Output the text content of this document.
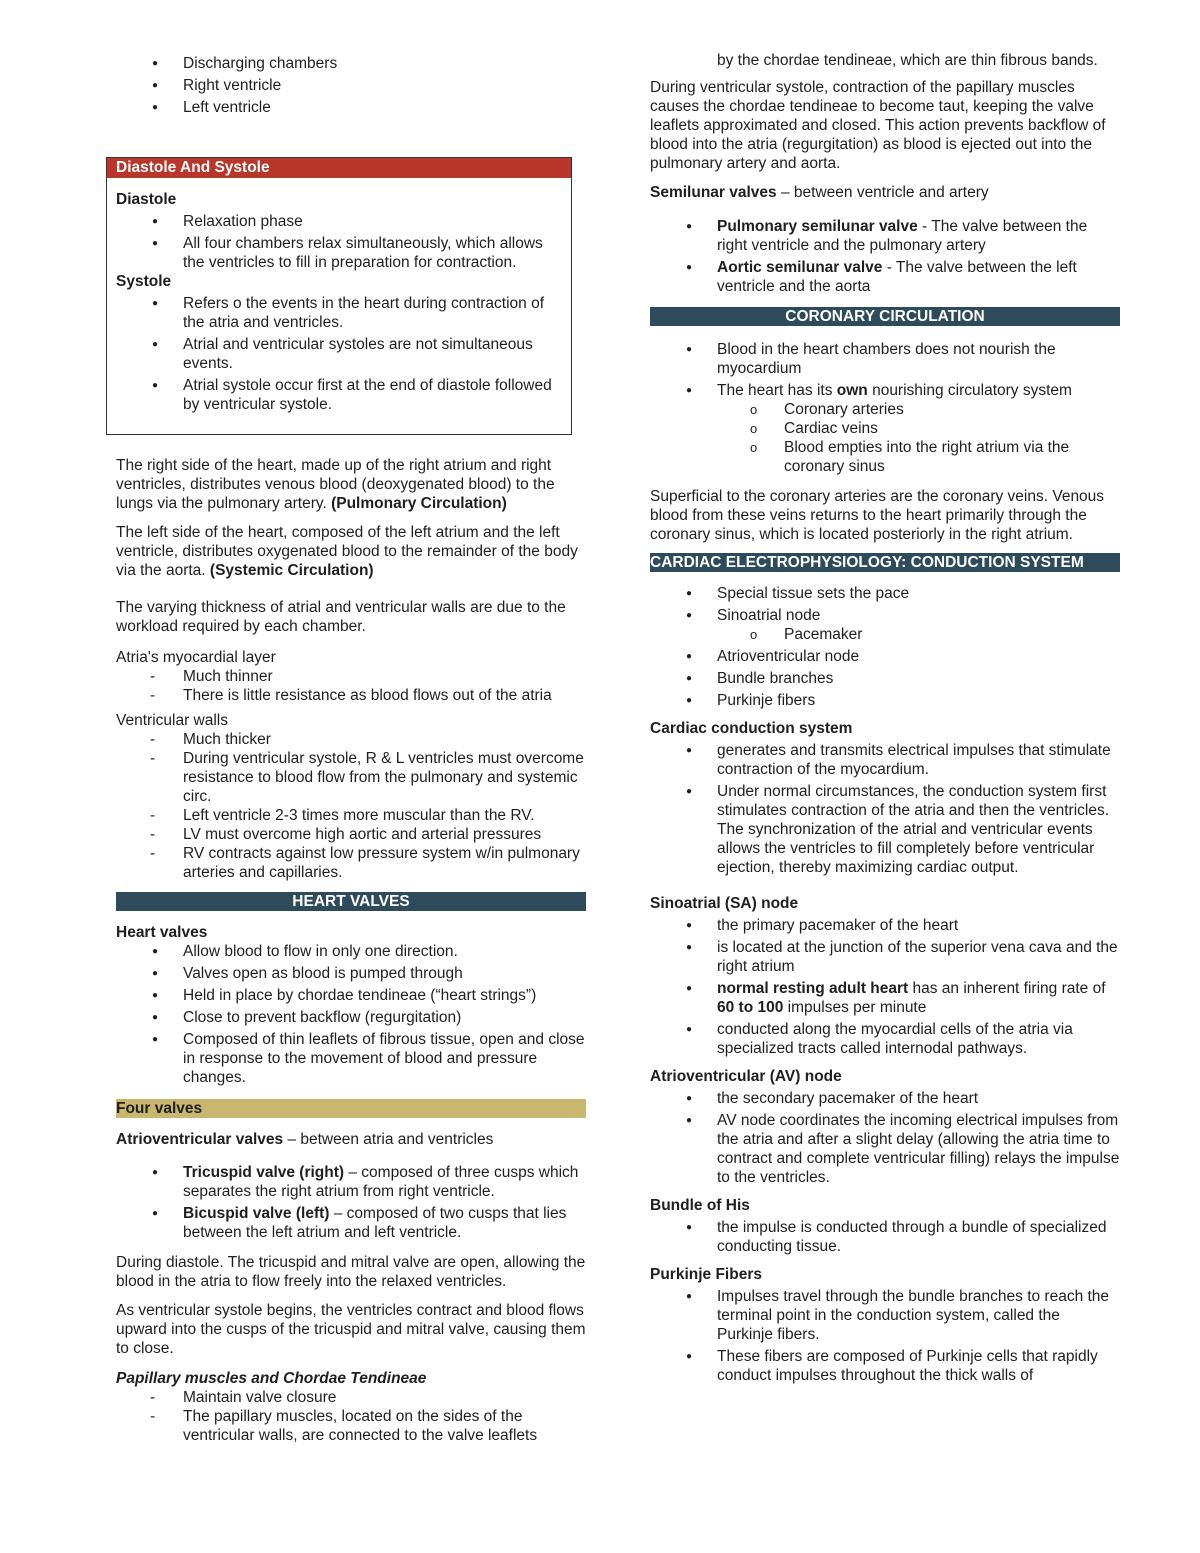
● Discharging chambers
● Right ventricle
● Left ventricle
Diastole And Systole

Diastole

● Relaxation phase
● All four chambers relax simultaneously, which allows the ventricles to fill in preparation for contraction.

Systole

● Refers o the events in the heart during contraction of the atria and ventricles.
● Atrial and ventricular systoles are not simultaneous events.
● Atrial systole occur first at the end of diastole followed by ventricular systole.

The right side of the heart, made up of the right atrium and right ventricles, distributes venous blood (deoxygenated blood) to the lungs via the pulmonary artery. (Pulmonary Circulation)

The left side of the heart, composed of the left atrium and the left ventricle, distributes oxygenated blood to the remainder of the body via the aorta. (Systemic Circulation)

The varying thickness of atrial and ventricular walls are due to the workload required by each chamber.

Atria's myocardial layer

- Much thinner
- There is little resistance as blood flows out of the atria

Ventricular walls

- Much thicker
- During ventricular systole, R & L ventricles must overcome resistance to blood flow from the pulmonary and systemic circ.
- Left ventricle 2-3 times more muscular than the RV.
- LV must overcome high aortic and arterial pressures
- RV contracts against low pressure system w/in pulmonary arteries and capillaries.
HEART VALVES

Heart valves

● Allow blood to flow in only one direction.
● Valves open as blood is pumped through
● Held in place by chordae tendineae (“heart strings”)
● Close to prevent backflow (regurgitation)
● Composed of thin leaflets of fibrous tissue, open and close in response to the movement of blood and pressure changes.
Four valves

Atrioventricular valves – between atria and ventricles

● Tricuspid valve (right) – composed of three cusps which separates the right atrium from right ventricle.
● Bicuspid valve (left) – composed of two cusps that lies between the left atrium and left ventricle.

During diastole. The tricuspid and mitral valve are open, allowing the blood in the atria to flow freely into the relaxed ventricles.

As ventricular systole begins, the ventricles contract and blood flows upward into the cusps of the tricuspid and mitral valve, causing them to close.

Papillary muscles and Chordae Tendineae

- Maintain valve closure
- The papillary muscles, located on the sides of the ventricular walls, are connected to the valve leaflets

by the chordae tendineae, which are thin fibrous bands.

During ventricular systole, contraction of the papillary muscles causes the chordae tendineae to become taut, keeping the valve leaflets approximated and closed. This action prevents backflow of blood into the atria (regurgitation) as blood is ejected out into the pulmonary artery and aorta.

Semilunar valves – between ventricle and artery

● Pulmonary semilunar valve - The valve between the right ventricle and the pulmonary artery
● Aortic semilunar valve - The valve between the left ventricle and the aorta
CORONARY CIRCULATION
● Blood in the heart chambers does not nourish the myocardium
● The heart has its own nourishing circulatory system
o Coronary arteries
o Cardiac veins
o Blood empties into the right atrium via the coronary sinus

Superficial to the coronary arteries are the coronary veins. Venous blood from these veins returns to the heart primarily through the coronary sinus, which is located posteriorly in the right atrium.

CARDIAC ELECTROPHYSIOLOGY: CONDUCTION SYSTEM
● Special tissue sets the pace
● Sinoatrial node
o Pacemaker
● Atrioventricular node
● Bundle branches
● Purkinje fibers

Cardiac conduction system

● generates and transmits electrical impulses that stimulate contraction of the myocardium.
● Under normal circumstances, the conduction system first stimulates contraction of the atria and then the ventricles. The synchronization of the atrial and ventricular events allows the ventricles to fill completely before ventricular ejection, thereby maximizing cardiac output.

Sinoatrial (SA) node

● the primary pacemaker of the heart
● is located at the junction of the superior vena cava and the right atrium
● normal resting adult heart has an inherent firing rate of 60 to 100 impulses per minute
● conducted along the myocardial cells of the atria via specialized tracts called internodal pathways.

Atrioventricular (AV) node

● the secondary pacemaker of the heart
● AV node coordinates the incoming electrical impulses from the atria and after a slight delay (allowing the atria time to contract and complete ventricular filling) relays the impulse to the ventricles.

Bundle of His

● the impulse is conducted through a bundle of specialized conducting tissue.

Purkinje Fibers

● Impulses travel through the bundle branches to reach the terminal point in the conduction system, called the Purkinje fibers.
● These fibers are composed of Purkinje cells that rapidly conduct impulses throughout the thick walls of
